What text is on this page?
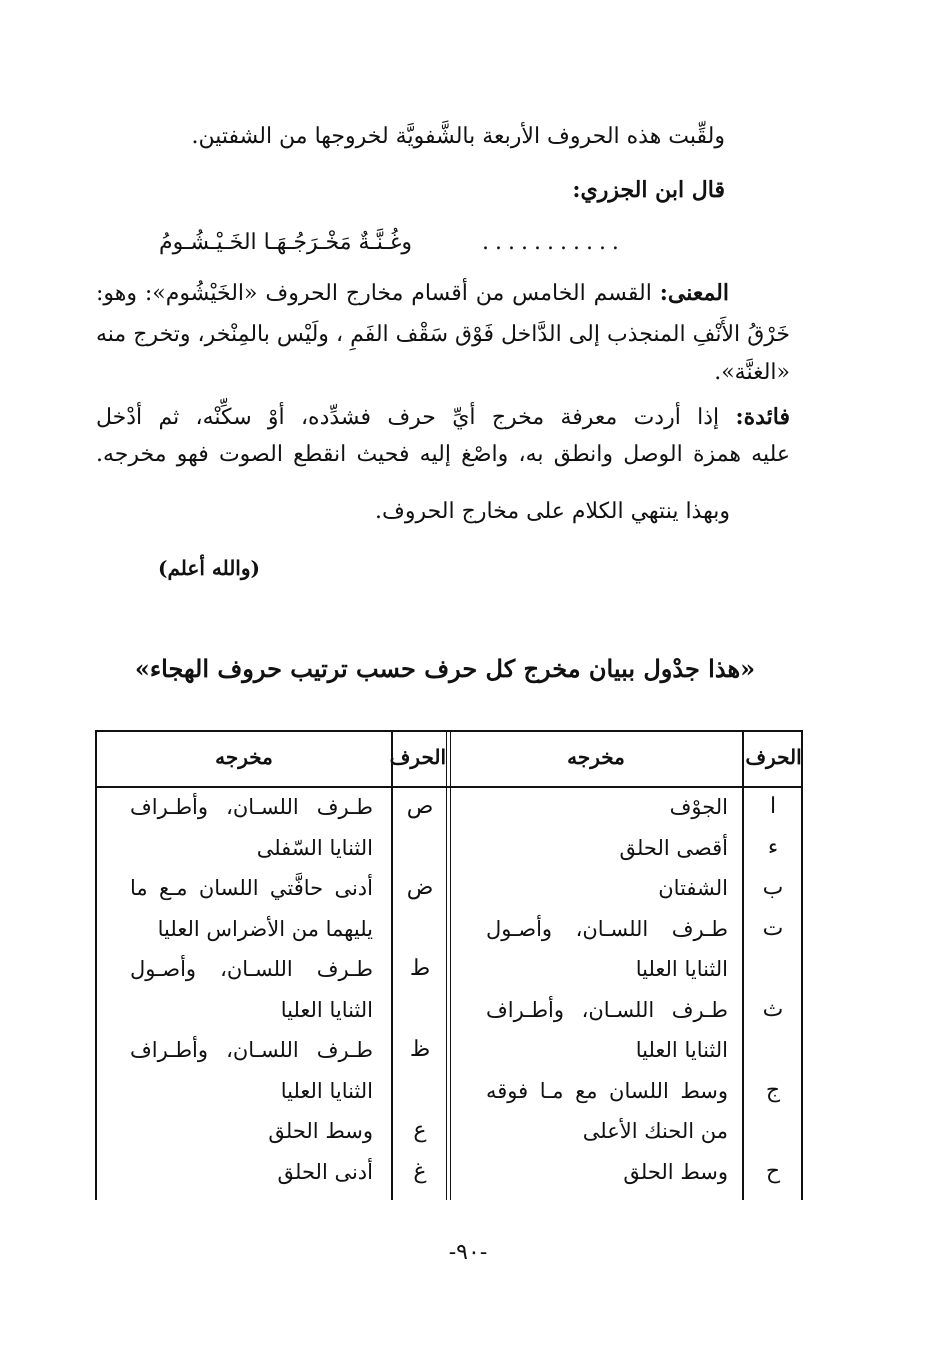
ولقِّبت هذه الحروف الأربعة بالشَّفويَّة لخروجها من الشفتين.
قال ابن الجزري:
...........
وغُـنَّـةٌ مَخْـرَجُـهَـا الخَـيْـشُـومُ
المعنى: القسم الخامس من أقسام مخارج الحروف «الخَيْشُوم»: وهو:
خَرْقُ الأَنْفِ المنجذب إلى الدَّاخل فَوْق سَقْف الفَمِ ، ولَيْس بالمِنْخر، وتخرج منه
«الغنَّة».
فائدة: إذا أردت معرفة مخرج أيِّ حرف فشدِّده، أوْ سكِّنْه، ثم أدْخل
عليه همزة الوصل وانطق به، واصْغ إليه فحيث انقطع الصوت فهو مخرجه.
وبهذا ينتهي الكلام على مخارج الحروف.
(والله أعلم)
«هذا جدْول ببيان مخرج كل حرف حسب ترتيب حروف الهجاء»
الحرف
مخرجه
الحرف
مخرجه
ا
الجوْف
ء
أقصى الحلق
ب
الشفتان
ت
طـرف اللسـان، وأصـول
الثنايا العليا
ث
طـرف اللسـان، وأطـراف
الثنايا العليا
ج
وسط اللسان مع مـا فوقه
من الحنك الأعلى
ح
وسط الحلق
ص
طـرف اللسـان، وأطـراف
الثنايا السّفلى
ض
أدنى حافَّتي اللسان مـع ما
يليهما من الأضراس العليا
ط
طـرف اللسـان، وأصـول
الثنايا العليا
ظ
طـرف اللسـان، وأطـراف
الثنايا العليا
ع
وسط الحلق
غ
أدنى الحلق
-٩٠-
